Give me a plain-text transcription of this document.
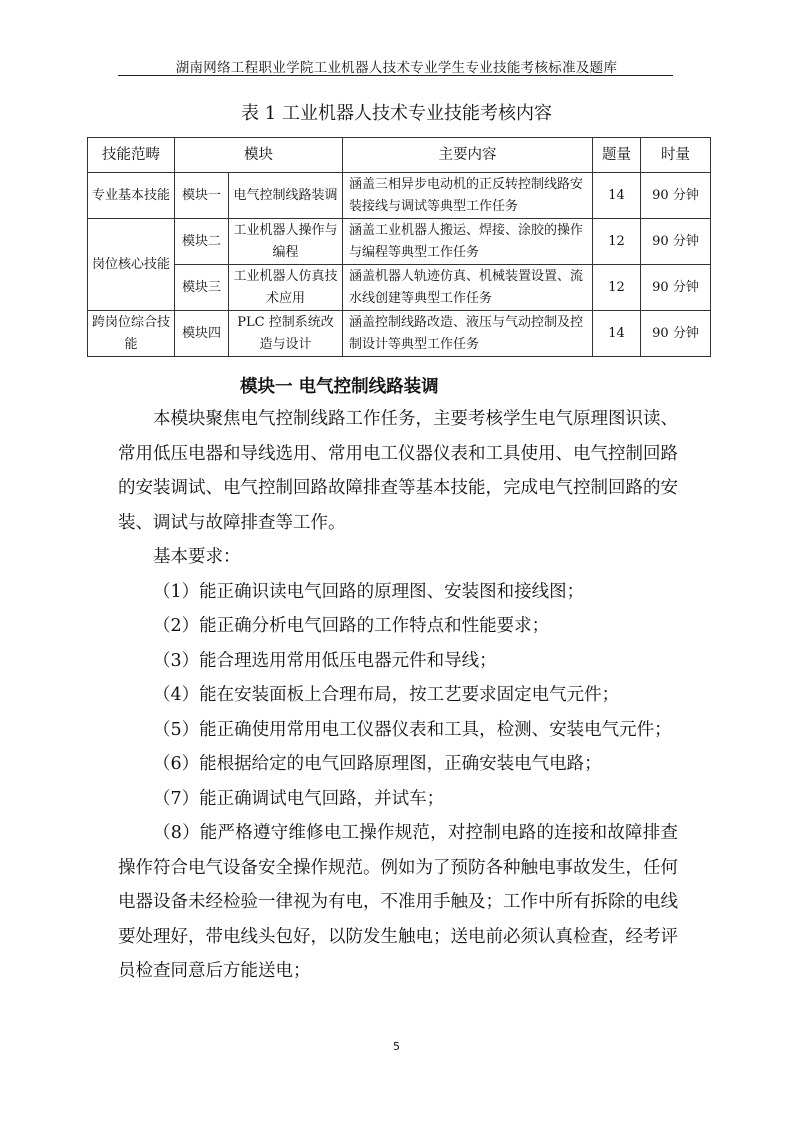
湖南网络工程职业学院工业机器人技术专业学生专业技能考核标准及题库
表 1 工业机器人技术专业技能考核内容
技能范畴	模块		主要内容	题量	时量
专业基本技能	模块一	电气控制线路装调	涵盖三相异步电动机的正反转控制线路安装接线与调试等典型工作任务	14	90 分钟
岗位核心技能	模块二	工业机器人操作与编程	涵盖工业机器人搬运、焊接、涂胶的操作与编程等典型工作任务	12	90 分钟
	模块三	工业机器人仿真技术应用	涵盖机器人轨迹仿真、机械装置设置、流水线创建等典型工作任务	12	90 分钟
跨岗位综合技能	模块四	PLC 控制系统改造与设计	涵盖控制线路改造、液压与气动控制及控制设计等典型工作任务	14	90 分钟
模块一 电气控制线路装调

本模块聚焦电气控制线路工作任务，主要考核学生电气原理图识读、常用低压电器和导线选用、常用电工仪器仪表和工具使用、电气控制回路的安装调试、电气控制回路故障排查等基本技能，完成电气控制回路的安装、调试与故障排查等工作。

基本要求：

（1）能正确识读电气回路的原理图、安装图和接线图；

（2）能正确分析电气回路的工作特点和性能要求；

（3）能合理选用常用低压电器元件和导线；

（4）能在安装面板上合理布局，按工艺要求固定电气元件；

（5）能正确使用常用电工仪器仪表和工具，检测、安装电气元件；

（6）能根据给定的电气回路原理图，正确安装电气电路；

（7）能正确调试电气回路，并试车；

（8）能严格遵守维修电工操作规范，对控制电路的连接和故障排查操作符合电气设备安全操作规范。例如为了预防各种触电事故发生，任何电器设备未经检验一律视为有电，不准用手触及；工作中所有拆除的电线要处理好，带电线头包好，以防发生触电；送电前必须认真检查，经考评员检查同意后方能送电；

5
